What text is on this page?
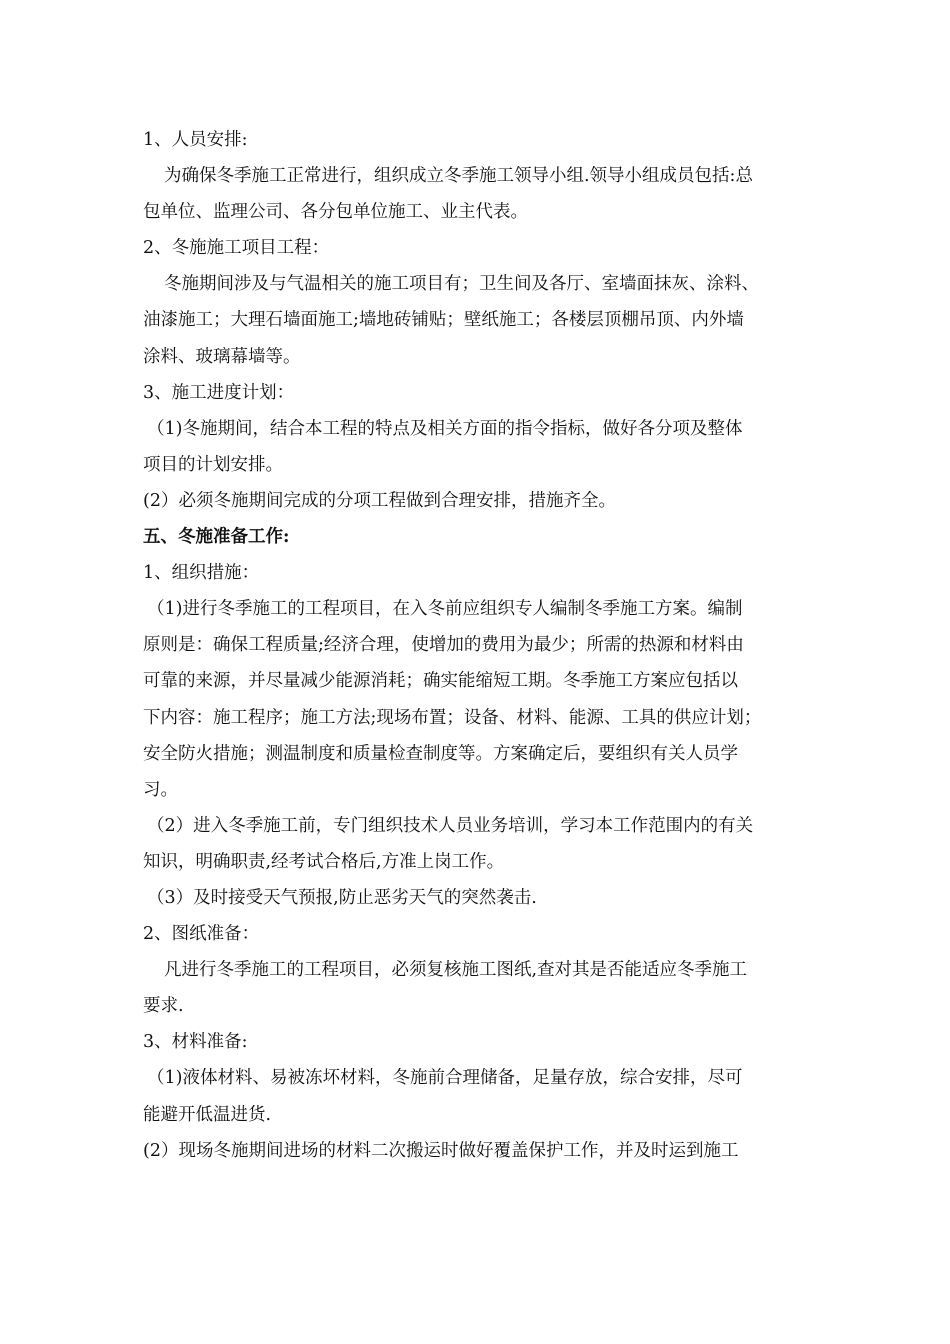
1、人员安排:
为确保冬季施工正常进行，组织成立冬季施工领导小组.领导小组成员包括:总
包单位、监理公司、各分包单位施工、业主代表。
2、冬施施工项目工程：
冬施期间涉及与气温相关的施工项目有；卫生间及各厅、室墙面抹灰、涂料、
油漆施工；大理石墙面施工;墙地砖铺贴；壁纸施工；各楼层顶棚吊顶、内外墙
涂料、玻璃幕墙等。
3、施工进度计划：
（1)冬施期间，结合本工程的特点及相关方面的指令指标，做好各分项及整体
项目的计划安排。
(2）必须冬施期间完成的分项工程做到合理安排，措施齐全。
五、冬施准备工作:
1、组织措施：
（1)进行冬季施工的工程项目，在入冬前应组织专人编制冬季施工方案。编制
原则是：确保工程质量;经济合理，使增加的费用为最少；所需的热源和材料由
可靠的来源，并尽量减少能源消耗；确实能缩短工期。冬季施工方案应包括以
下内容：施工程序；施工方法;现场布置；设备、材料、能源、工具的供应计划；
安全防火措施；测温制度和质量检查制度等。方案确定后，要组织有关人员学
习。
（2）进入冬季施工前，专门组织技术人员业务培训，学习本工作范围内的有关
知识，明确职责,经考试合格后,方准上岗工作。
（3）及时接受天气预报,防止恶劣天气的突然袭击.
2、图纸准备：
凡进行冬季施工的工程项目，必须复核施工图纸,查对其是否能适应冬季施工
要求.
3、材料准备:
（1)液体材料、易被冻坏材料，冬施前合理储备，足量存放，综合安排，尽可
能避开低温进货.
(2）现场冬施期间进场的材料二次搬运时做好覆盖保护工作，并及时运到施工
